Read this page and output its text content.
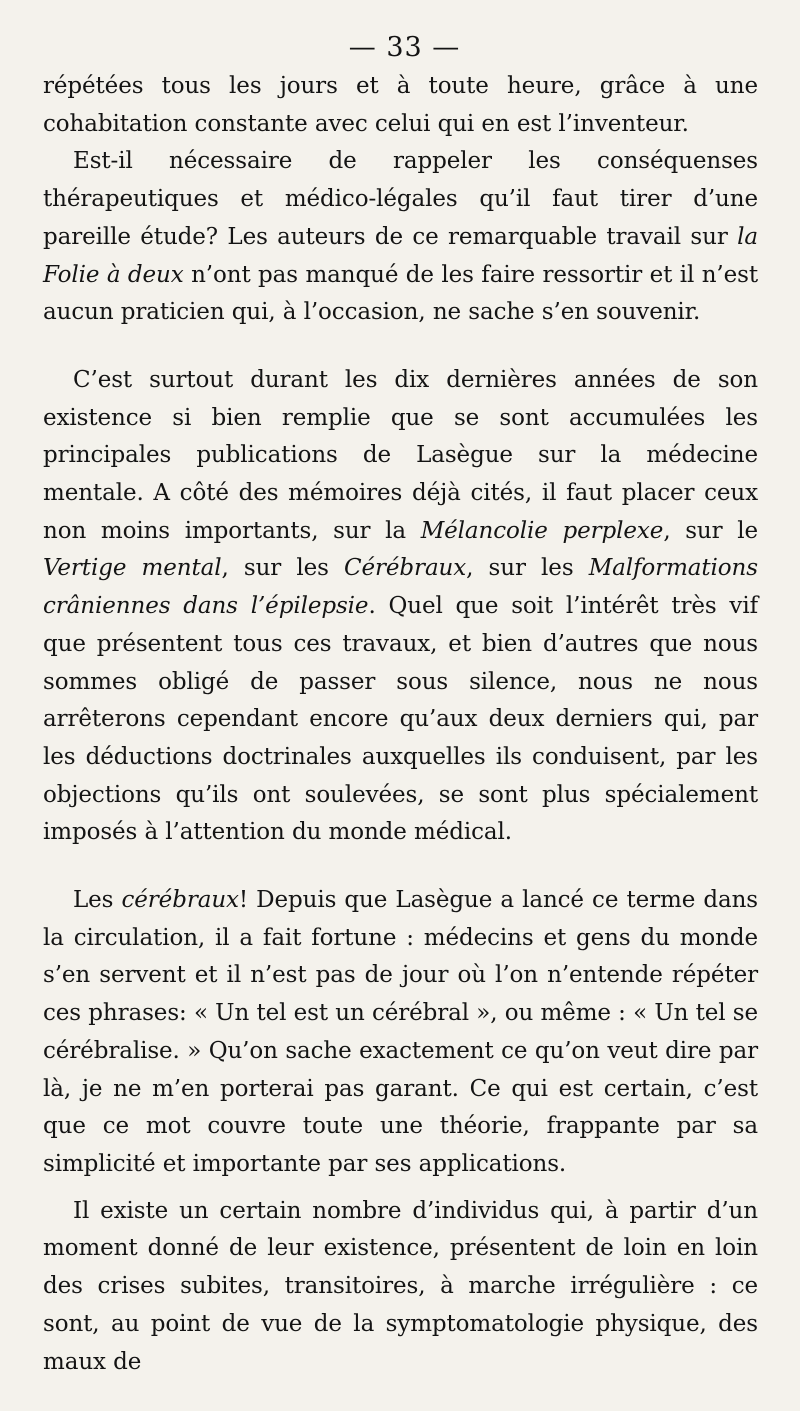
— 33 —

répétées tous les jours et à toute heure, grâce à une cohabitation constante avec celui qui en est l’inventeur.

Est-il nécessaire de rappeler les conséquenses thérapeutiques et médico-légales qu’il faut tirer d’une pareille étude? Les auteurs de ce remarquable travail sur la Folie à deux n’ont pas manqué de les faire ressortir et il n’est aucun praticien qui, à l’occasion, ne sache s’en souvenir.

C’est surtout durant les dix dernières années de son existence si bien remplie que se sont accumulées les principales publications de Lasègue sur la médecine mentale. A côté des mémoires déjà cités, il faut placer ceux non moins importants, sur la Mélancolie perplexe, sur le Vertige mental, sur les Cérébraux, sur les Malformations crâniennes dans l’épilepsie. Quel que soit l’intérêt très vif que présentent tous ces travaux, et bien d’autres que nous sommes obligé de passer sous silence, nous ne nous arrêterons cependant encore qu’aux deux derniers qui, par les déductions doctrinales auxquelles ils conduisent, par les objections qu’ils ont soulevées, se sont plus spécialement imposés à l’attention du monde médical.

Les cérébraux! Depuis que Lasègue a lancé ce terme dans la circulation, il a fait fortune : médecins et gens du monde s’en servent et il n’est pas de jour où l’on n’entende répéter ces phrases: « Un tel est un cérébral », ou même : « Un tel se cérébralise. » Qu’on sache exactement ce qu’on veut dire par là, je ne m’en porterai pas garant. Ce qui est certain, c’est que ce mot couvre toute une théorie, frappante par sa simplicité et importante par ses applications.

Il existe un certain nombre d’individus qui, à partir d’un moment donné de leur existence, présentent de loin en loin des crises subites, transitoires, à marche irrégulière : ce sont, au point de vue de la symptomatologie physique, des maux de
